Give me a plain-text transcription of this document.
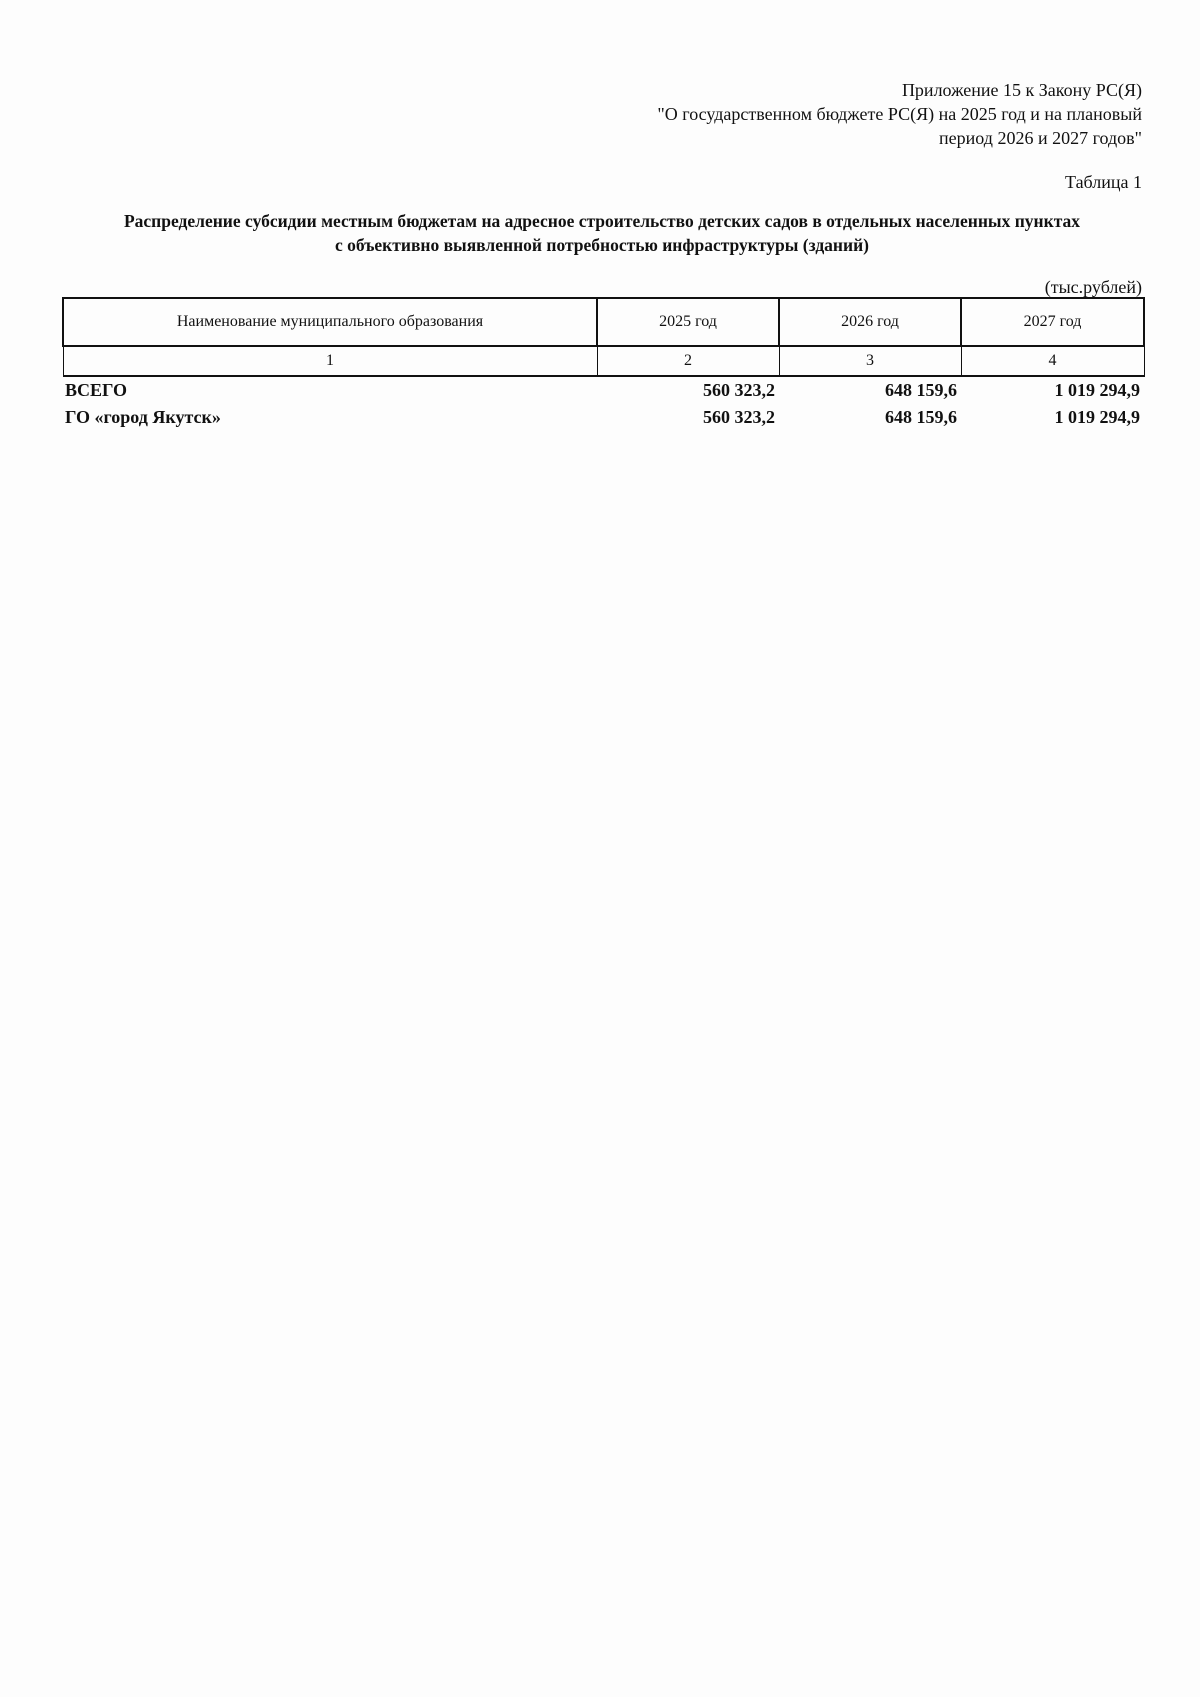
Приложение 15 к Закону РС(Я)
"О государственном бюджете РС(Я) на 2025 год и на плановый
период 2026 и 2027 годов"
Таблица 1
Распределение субсидии местным бюджетам на адресное строительство детских садов в отдельных населенных пунктах
с объективно выявленной потребностью инфраструктуры (зданий)
(тыс.рублей)
Наименование муниципального образования	2025 год	2026 год	2027 год
1	2	3	4
ВСЕГО	560 323,2	648 159,6	1 019 294,9
ГО «город Якутск»	560 323,2	648 159,6	1 019 294,9
